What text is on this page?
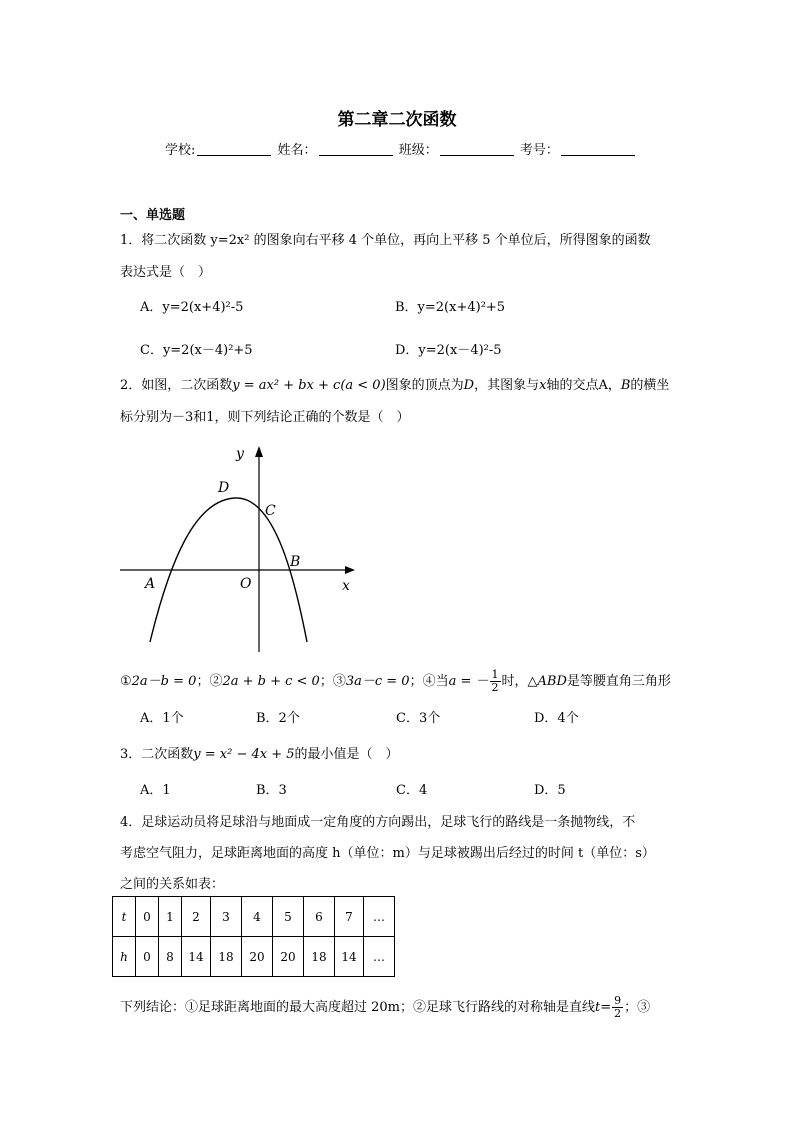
第二章二次函数
学校:	姓名：	班级：	考号：
一、单选题
1．将二次函数 y=2x² 的图象向右平移 4 个单位，再向上平移 5 个单位后，所得图象的函数
表达式是（　）
A．y=2(x+4)²-5	B．y=2(x+4)²+5
C．y=2(x－4)²+5	D．y=2(x－4)²-5
2．如图，二次函数y = ax² + bx + c(a < 0)图象的顶点为D，其图象与x轴的交点A，B的横坐
标分别为－3和1，则下列结论正确的个数是（　）
y
x
D
C
B
A	O
①2a－b = 0；②2a + b + c < 0；③3a－c = 0；④当a = － $\frac{1}{2}$ 时，△ABD是等腰直角三角形
A．1个	B．2个	C．3个	D．4个
3．二次函数y = x² − 4x + 5的最小值是（　）
A．1	B．3	C．4	D．5
4．足球运动员将足球沿与地面成一定角度的方向踢出，足球飞行的路线是一条抛物线，不
考虑空气阻力，足球距离地面的高度 h（单位：m）与足球被踢出后经过的时间 t（单位：s）
之间的关系如表：
t	0	1	2	3	4	5	6	7	…
h	0	8	14	18	20	20	18	14	…
下列结论：①足球距离地面的最大高度超过 20m；②足球飞行路线的对称轴是直线$t= \frac{9}{2}$ ；③
